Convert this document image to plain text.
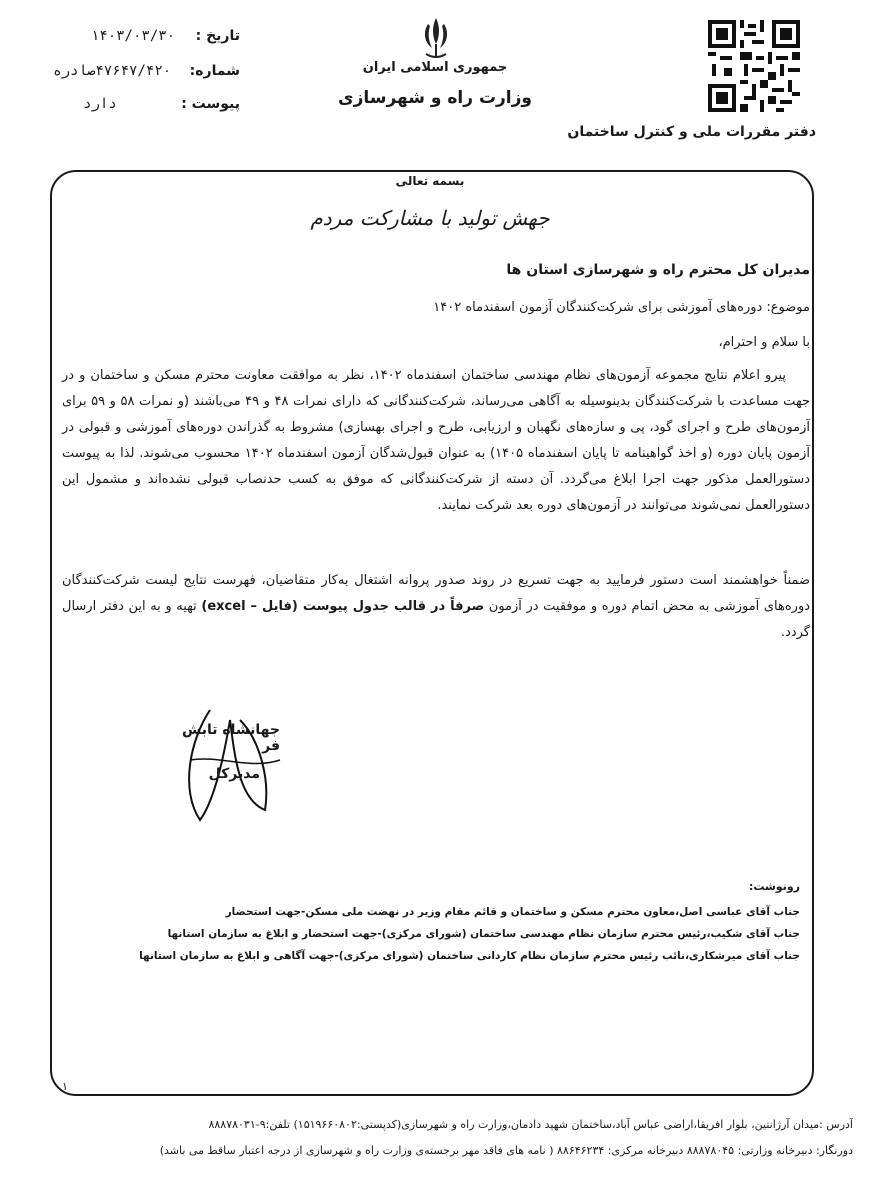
تاریخ : ۱۴۰۳/۰۳/۳۰
شماره: ۴۷۶۴۷/۴۲۰صادره
پیوست : دارد
جمهوری اسلامی ایران
وزارت راه و شهرسازی
دفتر مقررات ملی و کنترل ساختمان
بسمه تعالی
جهش تولید با مشارکت مردم
مدیران کل محترم راه و شهرسازی استان ها
موضوع: دوره‌های آموزشی برای شرکت‌کنندگان آزمون اسفندماه ۱۴۰۲
با سلام و احترام،
پیرو اعلام نتایج مجموعه آزمون‌های نظام مهندسی ساختمان اسفندماه ۱۴۰۲، نظر به موافقت معاونت محترم مسکن و ساختمان و در جهت مساعدت با شرکت‌کنندگان بدینوسیله به آگاهی می‌رساند، شرکت‌کنندگانی که دارای نمرات ۴۸ و ۴۹ می‌باشند (و نمرات ۵۸ و ۵۹ برای آزمون‌های طرح و اجرای گود، پی و سازه‌های نگهبان و ارزیابی، طرح و اجرای بهسازی) مشروط به گذراندن دوره‌های آموزشی و قبولی در آزمون پایان دوره (و اخذ گواهینامه تا پایان اسفندماه ۱۴۰۵) به عنوان قبول‌شدگان آزمون اسفندماه ۱۴۰۲ محسوب می‌شوند. لذا به پیوست دستورالعمل مذکور جهت اجرا ابلاغ می‌گردد. آن دسته از شرکت‌کنندگانی که موفق به کسب حدنصاب قبولی نشده‌اند و مشمول این دستورالعمل نمی‌شوند می‌توانند در آزمون‌های دوره بعد شرکت نمایند.
ضمناً خواهشمند است دستور فرمایید به جهت تسریع در روند صدور پروانه اشتغال به‌کار متقاضیان، فهرست نتایج لیست شرکت‌کنندگان دوره‌های آموزشی به محض اتمام دوره و موفقیت در آزمون صرفاً در قالب جدول پیوست (فایل – excel) تهیه و به این دفتر ارسال گردد.
جهانشاه تابش فر
مدیرکل
رونوشت:
جناب آقای عباسی اصل،معاون محترم مسکن و ساختمان و قائم مقام وزیر در نهضت ملی مسکن-جهت استحضار
جناب آقای شکیب،رئیس محترم سازمان نظام مهندسی ساختمان (شورای مرکزی)-جهت استحضار و ابلاغ به سازمان استانها
جناب آقای میرشکاری،نائب رئیس محترم سازمان نظام کاردانی ساختمان (شورای مرکزی)-جهت آگاهی و ابلاغ به سازمان استانها
۱
آدرس :میدان آرژانتین، بلوار افریقا،اراضی عباس آباد،ساختمان شهید دادمان،وزارت راه و شهرسازی(کدپستی:۱۵۱۹۶۶۰۸۰۲) تلفن:۹-۸۸۸۷۸۰۳۱
دورنگار: دبیرخانه وزارتی: ۸۸۸۷۸۰۴۵ دبیرخانه مرکزی: ۸۸۶۴۶۲۳۴ ( نامه های فاقد مهر برجسته‌ی وزارت راه و شهرسازی از درجه اعتبار ساقط می باشد)
